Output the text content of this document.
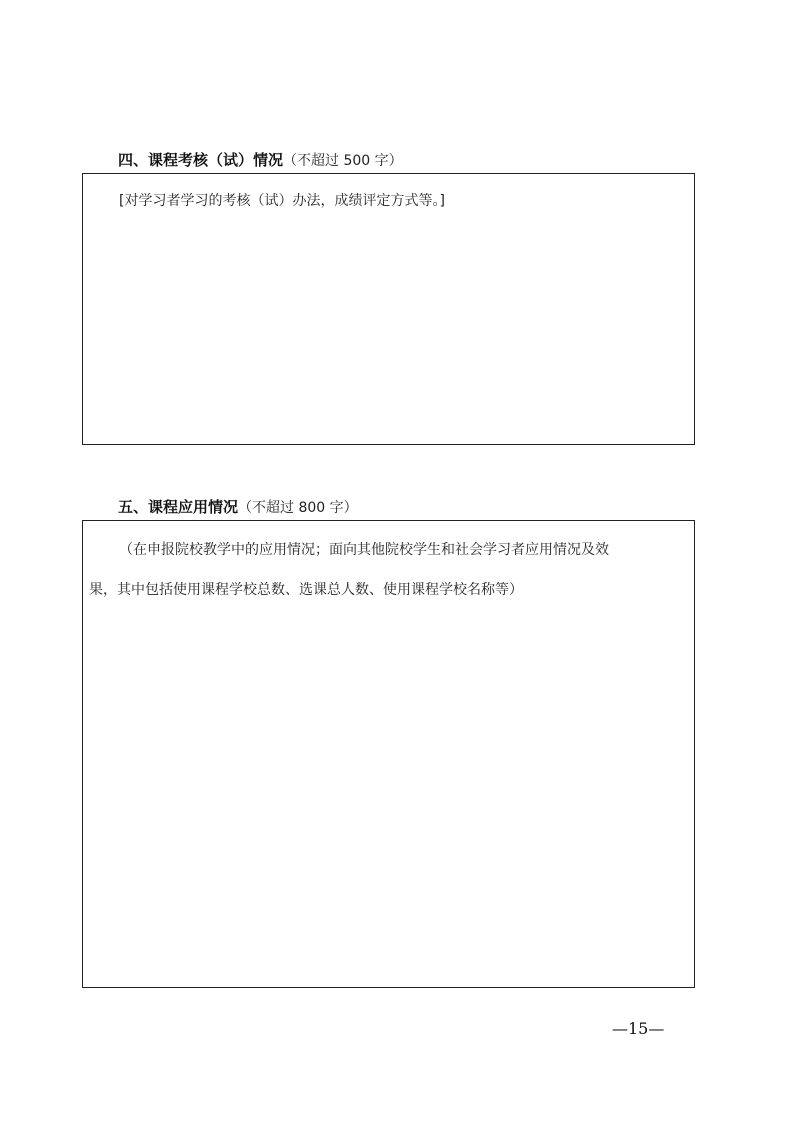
四、课程考核（试）情况（不超过 500 字）
[对学习者学习的考核（试）办法，成绩评定方式等。]
五、课程应用情况（不超过 800 字）
（在申报院校教学中的应用情况；面向其他院校学生和社会学习者应用情况及效
果，其中包括使用课程学校总数、选课总人数、使用课程学校名称等）
—15—
